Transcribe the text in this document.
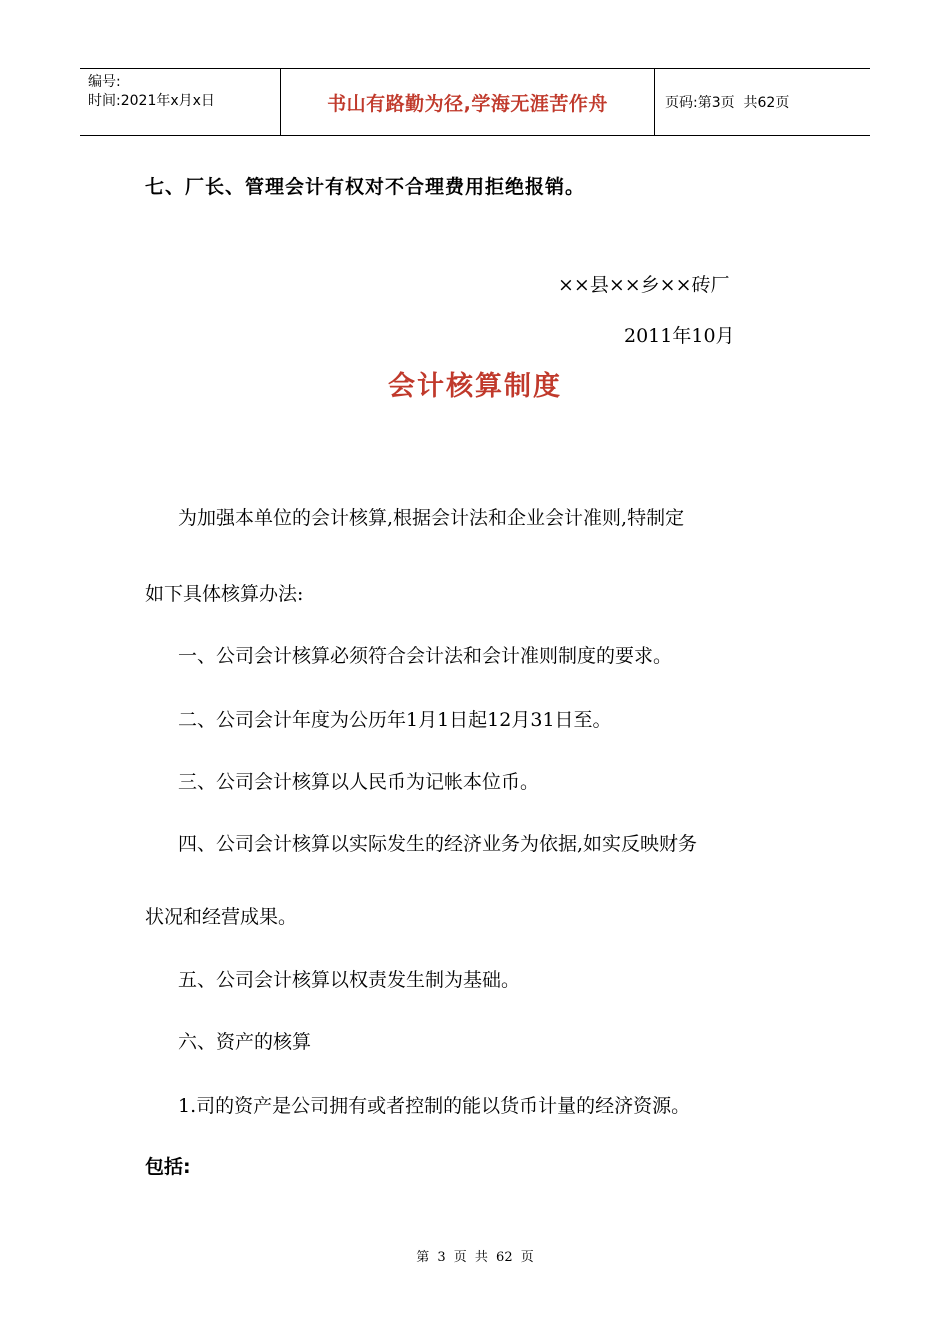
编号:
时间:2021年x月x日	书山有路勤为径,学海无涯苦作舟	页码:第3页  共62页
七、厂长、管理会计有权对不合理费用拒绝报销。
××县××乡××砖厂
2011年10月
会计核算制度
为加强本单位的会计核算,根据会计法和企业会计准则,特制定
如下具体核算办法:
一、公司会计核算必须符合会计法和会计准则制度的要求。
二、公司会计年度为公历年1月1日起12月31日至。
三、公司会计核算以人民币为记帐本位币。
四、公司会计核算以实际发生的经济业务为依据,如实反映财务
状况和经营成果。
五、公司会计核算以权责发生制为基础。
六、资产的核算
1.司的资产是公司拥有或者控制的能以货币计量的经济资源。
包括:
第 3 页 共 62 页
